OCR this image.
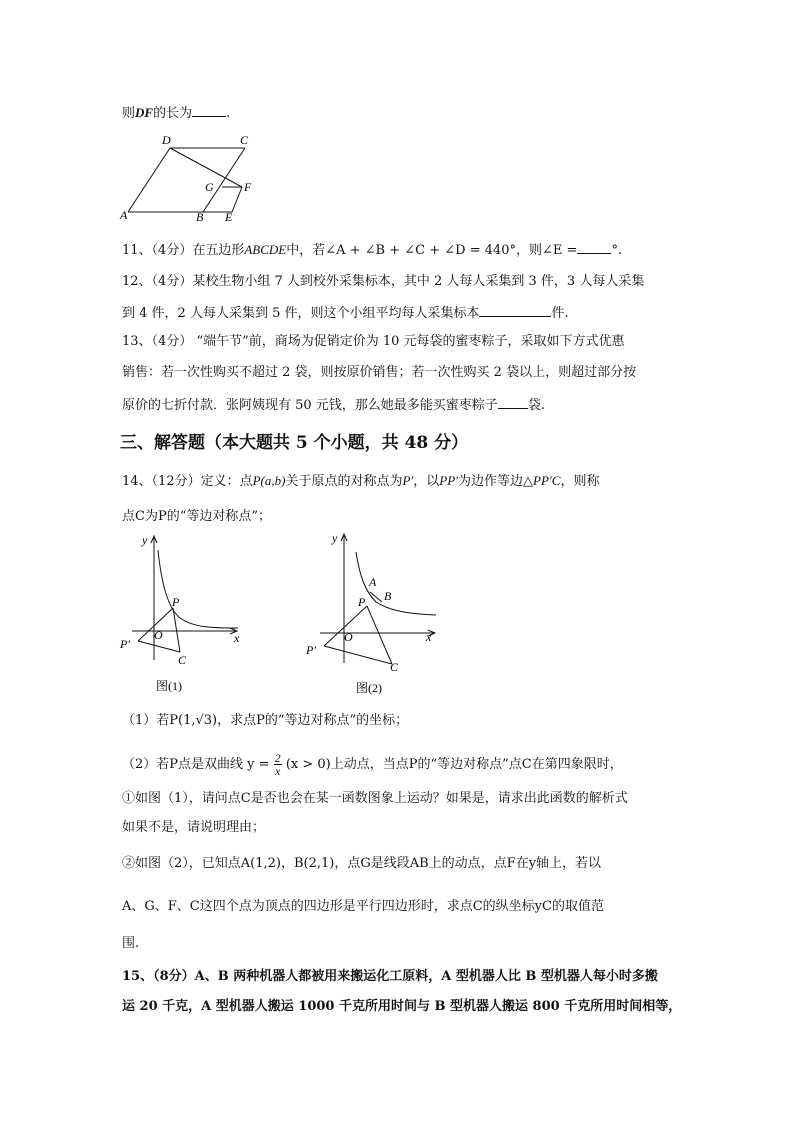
则DF的长为	.
D	C
G	F
A	B E
11、（4分）在五边形ABCDE中，若∠A + ∠B + ∠C + ∠D = 440°，则∠E =	°.
12、（4分）某校生物小组 7 人到校外采集标本，其中 2 人每人采集到 3 件，3 人每人采集
到 4 件，2 人每人采集到 5 件，则这个小组平均每人采集标本	件.
13、（4分） “端午节”前，商场为促销定价为 10 元每袋的蜜枣粽子，采取如下方式优惠
销售：若一次性购买不超过 2 袋，则按原价销售；若一次性购买 2 袋以上，则超过部分按
原价的七折付款．张阿姨现有 50 元钱，那么她最多能买蜜枣粽子 袋.
三、解答题（本大题共 5 个小题，共 48 分）
14、（12分）定义：点P(a,b)关于原点的对称点为P′，以PP′为边作等边△PP′C，则称
点C为P的“等边对称点”；
y
x
O
P
P′
C
图(1)
y
x
O
A
B
P
P′
C
图(2)
（1）若P(1,√3)，求点P的“等边对称点”的坐标；
（2）若P点是双曲线 $y = \frac{2}{x} (x > 0)$上动点，当点P的“等边对称点”点C在第四象限时，
①如图（1），请问点C是否也会在某一函数图象上运动？如果是，请求出此函数的解析式
如果不是，请说明理由；
②如图（2），已知点A(1,2)，B(2,1)，点G是线段AB上的动点，点F在y轴上，若以
A、G、F、C这四个点为顶点的四边形是平行四边形时，求点C的纵坐标yC的取值范
围.
15、（8分）A、B 两种机器人都被用来搬运化工原料，A 型机器人比 B 型机器人每小时多搬
运 20 千克，A 型机器人搬运 1000 千克所用时间与 B 型机器人搬运 800 千克所用时间相等，
